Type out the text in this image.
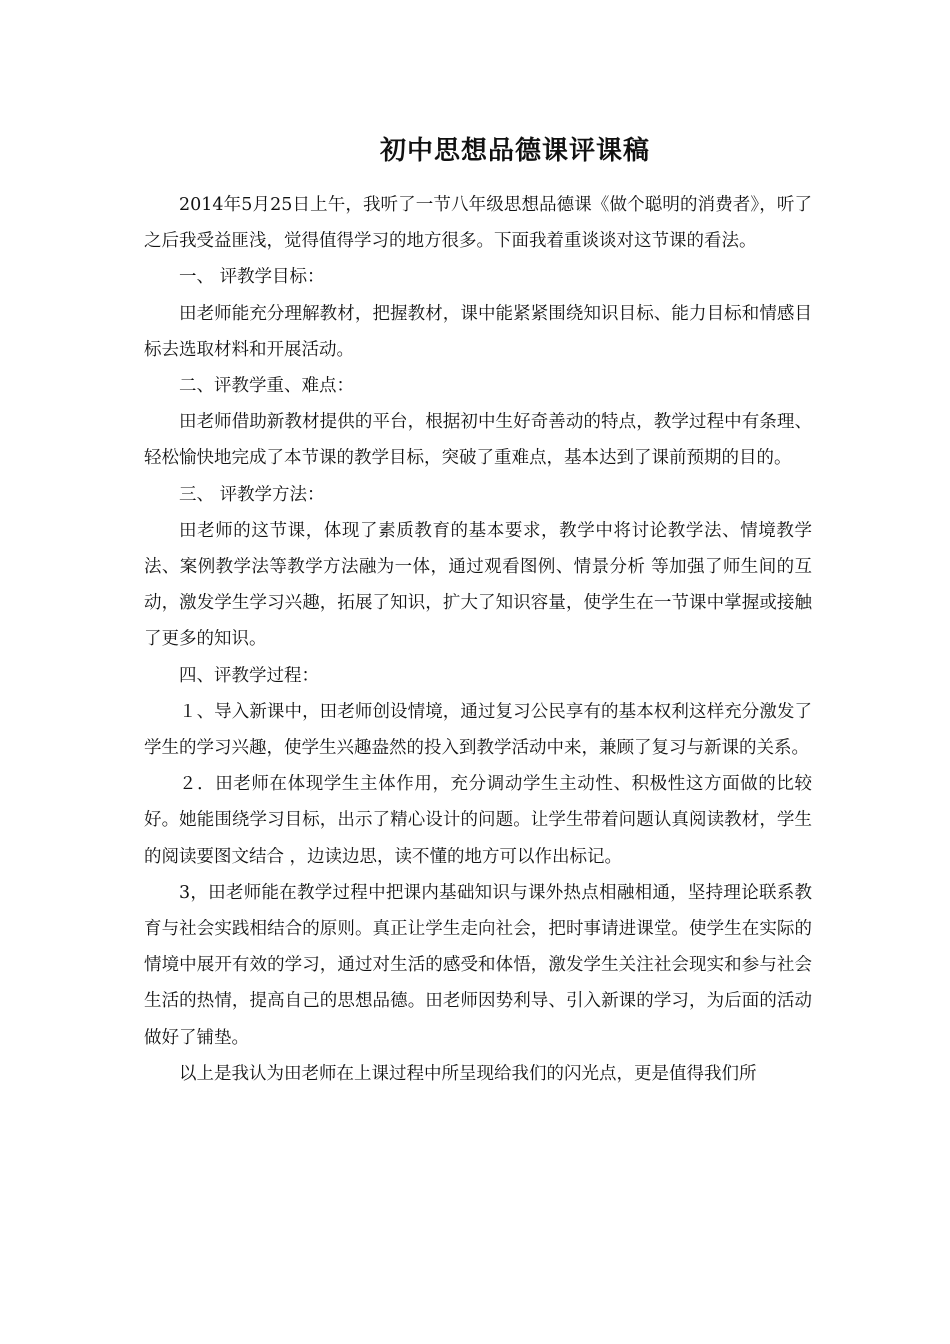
初中思想品德课评课稿

2014年5月25日上午，我听了一节八年级思想品德课《做个聪明的消费者》，听了之后我受益匪浅，觉得值得学习的地方很多。下面我着重谈谈对这节课的看法。

一、 评教学目标：

田老师能充分理解教材，把握教材，课中能紧紧围绕知识目标、能力目标和情感目标去选取材料和开展活动。

二、评教学重、难点：

田老师借助新教材提供的平台，根据初中生好奇善动的特点，教学过程中有条理、轻松愉快地完成了本节课的教学目标，突破了重难点，基本达到了课前预期的目的。

三、 评教学方法：

田老师的这节课，体现了素质教育的基本要求，教学中将讨论教学法、情境教学法、案例教学法等教学方法融为一体，通过观看图例、情景分析 等加强了师生间的互动，激发学生学习兴趣，拓展了知识，扩大了知识容量，使学生在一节课中掌握或接触了更多的知识。

四、评教学过程：

１、导入新课中，田老师创设情境，通过复习公民享有的基本权利这样充分激发了学生的学习兴趣，使学生兴趣盎然的投入到教学活动中来，兼顾了复习与新课的关系。

２．田老师在体现学生主体作用，充分调动学生主动性、积极性这方面做的比较好。她能围绕学习目标，出示了精心设计的问题。让学生带着问题认真阅读教材，学生的阅读要图文结合 ，边读边思，读不懂的地方可以作出标记。

3，田老师能在教学过程中把课内基础知识与课外热点相融相通，坚持理论联系教育与社会实践相结合的原则。真正让学生走向社会，把时事请进课堂。使学生在实际的情境中展开有效的学习，通过对生活的感受和体悟，激发学生关注社会现实和参与社会生活的热情，提高自己的思想品德。田老师因势利导、引入新课的学习，为后面的活动做好了铺垫。

以上是我认为田老师在上课过程中所呈现给我们的闪光点，更是值得我们所
